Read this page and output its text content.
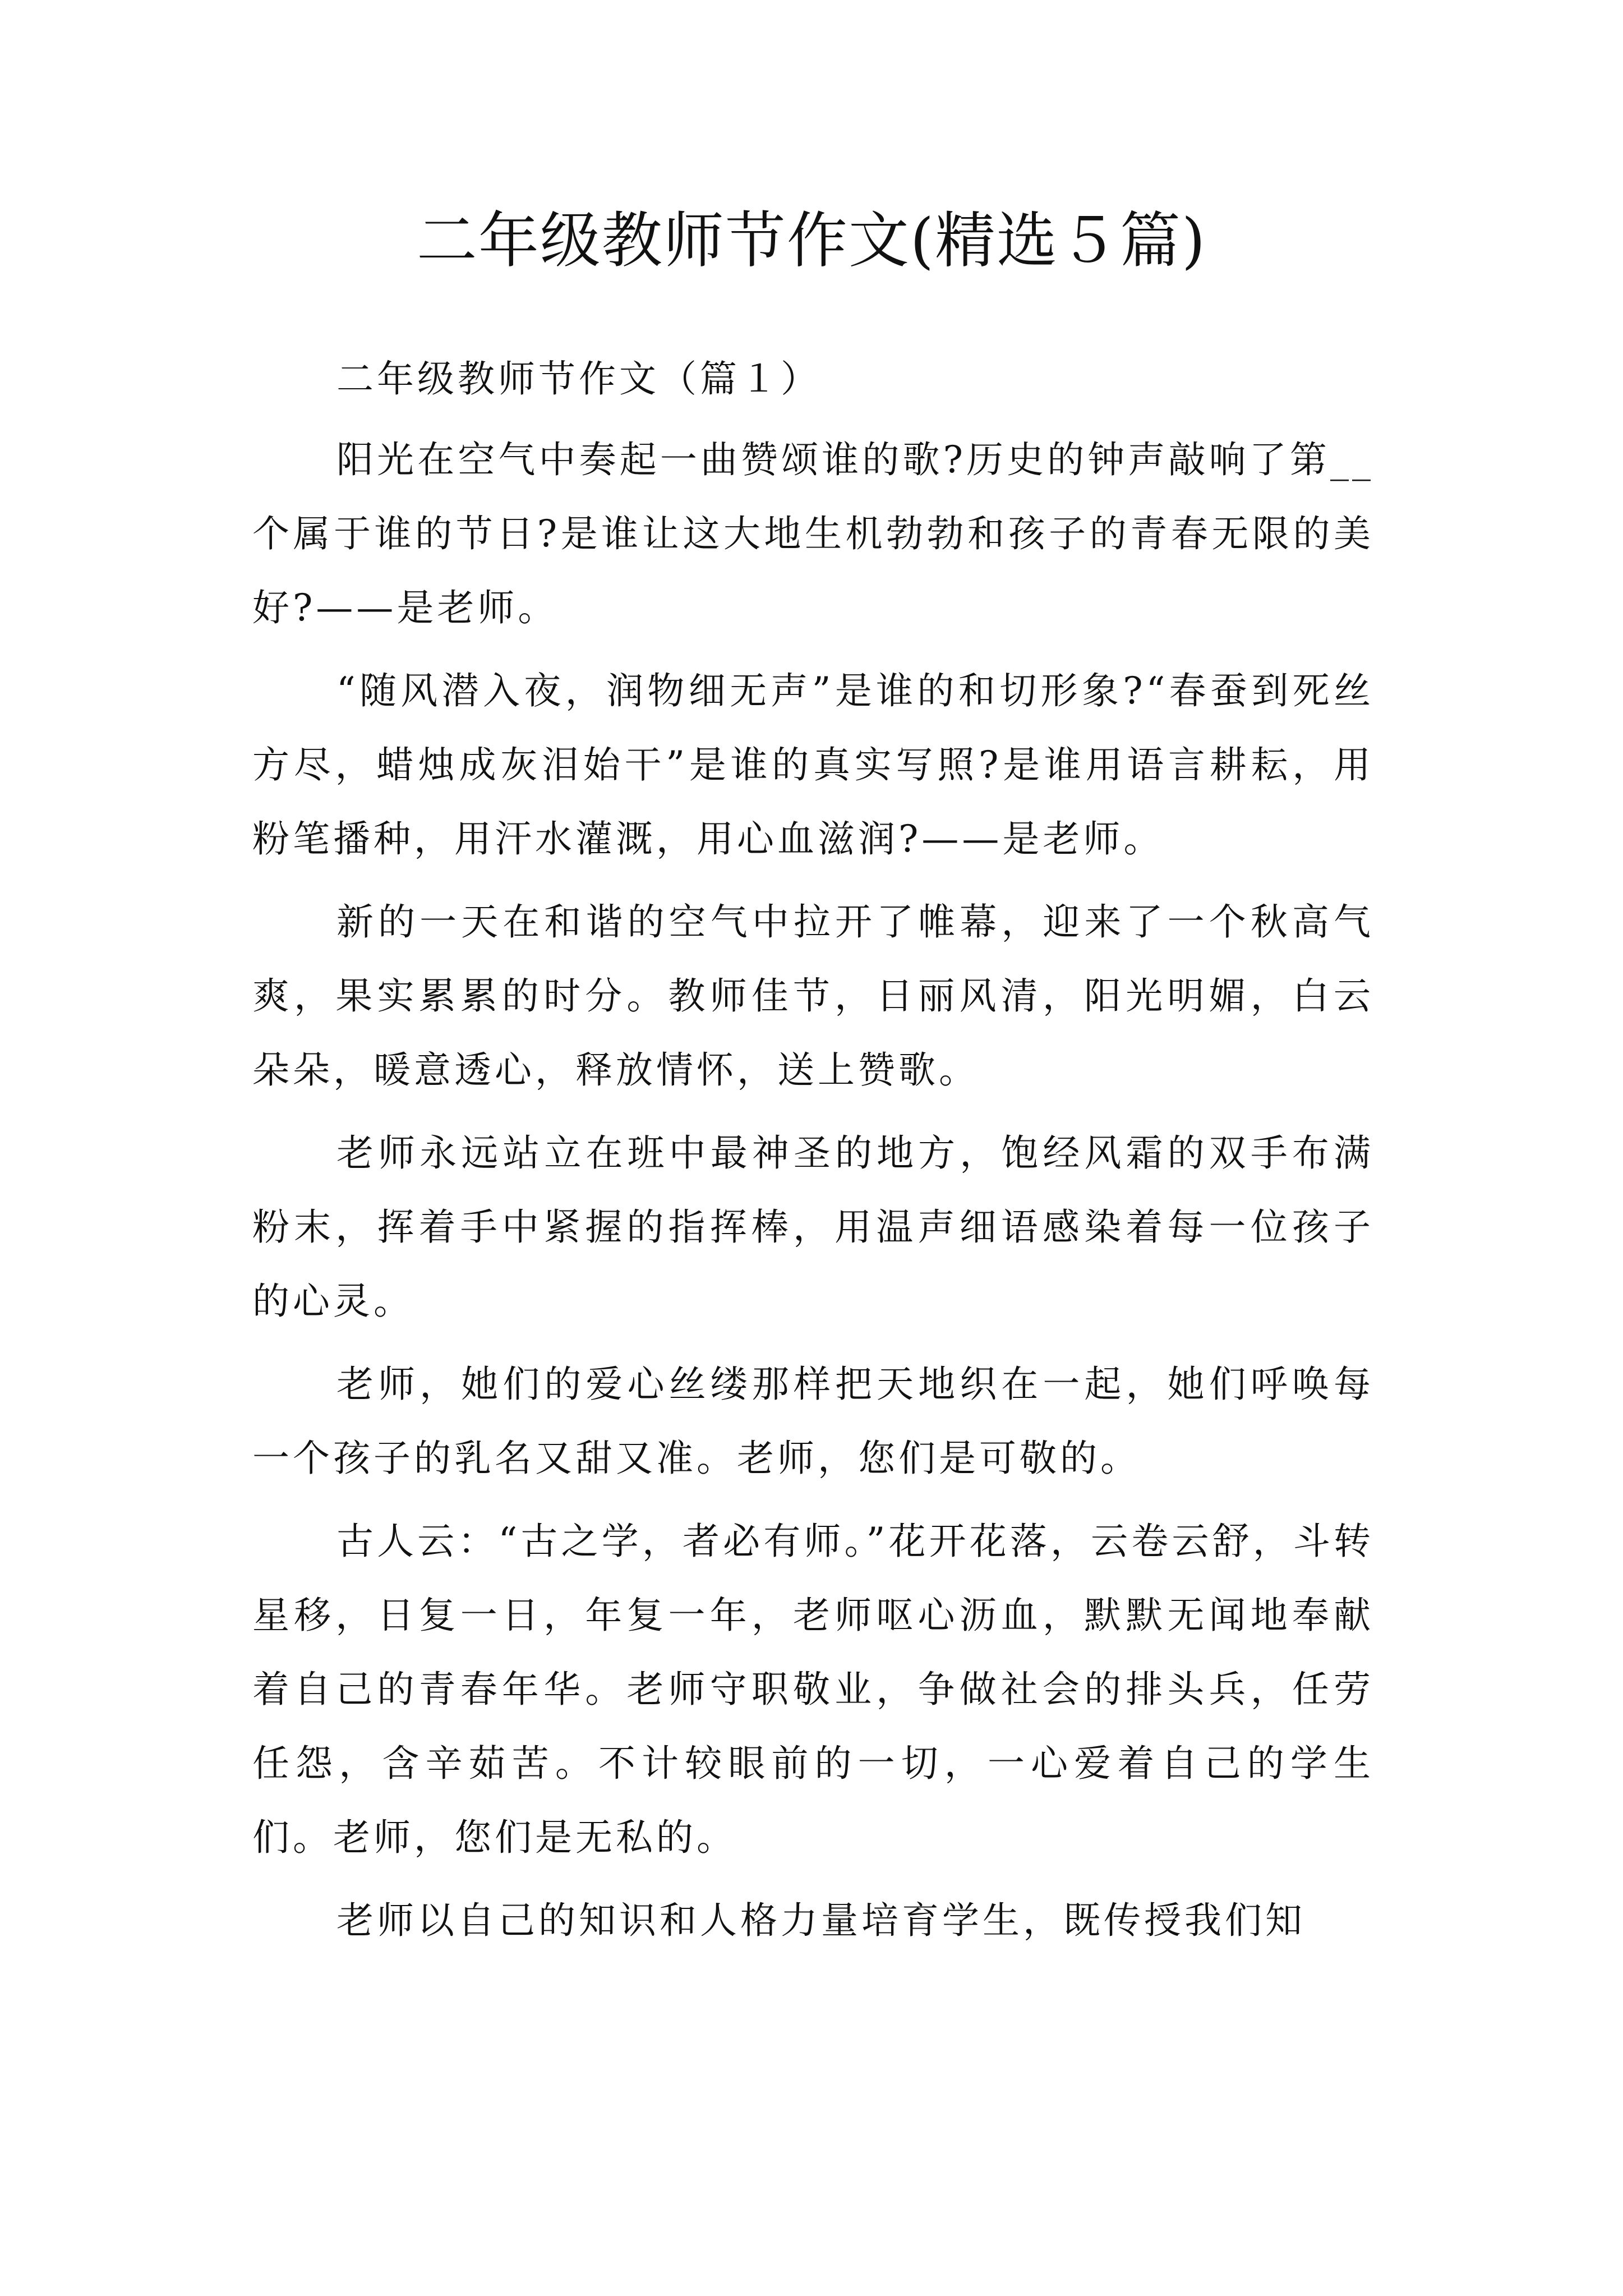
二年级教师节作文(精选５篇)

二年级教师节作文（篇１）

阳光在空气中奏起一曲赞颂谁的歌?历史的钟声敲响了第__个属于谁的节日?是谁让这大地生机勃勃和孩子的青春无限的美好?——是老师。

“随风潜入夜，润物细无声”是谁的和切形象?“春蚕到死丝方尽，蜡烛成灰泪始干”是谁的真实写照?是谁用语言耕耘，用粉笔播种，用汗水灌溉，用心血滋润?——是老师。

新的一天在和谐的空气中拉开了帷幕，迎来了一个秋高气爽，果实累累的时分。教师佳节，日丽风清，阳光明媚，白云朵朵，暖意透心，释放情怀，送上赞歌。

老师永远站立在班中最神圣的地方，饱经风霜的双手布满粉末，挥着手中紧握的指挥棒，用温声细语感染着每一位孩子的心灵。

老师，她们的爱心丝缕那样把天地织在一起，她们呼唤每一个孩子的乳名又甜又准。老师，您们是可敬的。

古人云：“古之学，者必有师。”花开花落，云卷云舒，斗转星移，日复一日，年复一年，老师呕心沥血，默默无闻地奉献着自己的青春年华。老师守职敬业，争做社会的排头兵，任劳任怨，含辛茹苦。不计较眼前的一切，一心爱着自己的学生们。老师，您们是无私的。

老师以自己的知识和人格力量培育学生，既传授我们知
